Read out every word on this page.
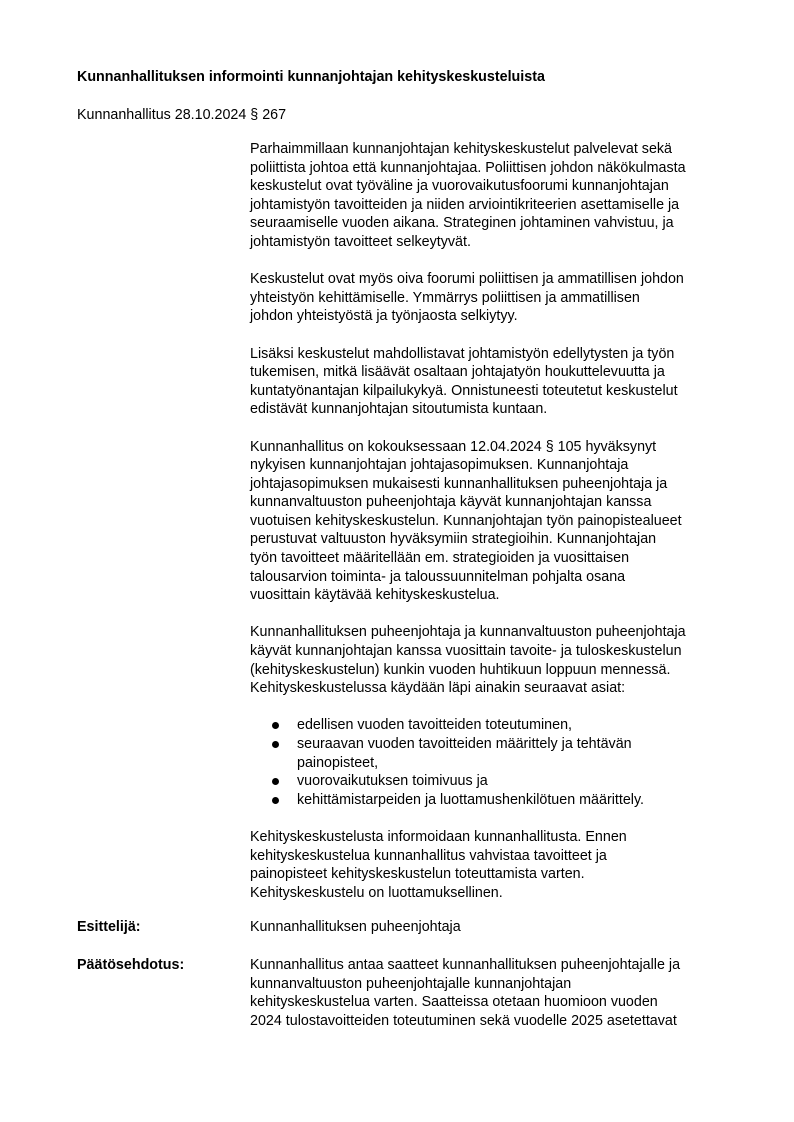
Kunnanhallituksen informointi kunnanjohtajan kehityskeskusteluista
Kunnanhallitus 28.10.2024 § 267
Parhaimmillaan kunnanjohtajan kehityskeskustelut palvelevat sekä
poliittista johtoa että kunnanjohtajaa. Poliittisen johdon näkökulmasta
keskustelut ovat työväline ja vuorovaikutusfoorumi kunnanjohtajan
johtamistyön tavoitteiden ja niiden arviointikriteerien asettamiselle ja
seuraamiselle vuoden aikana. Strateginen johtaminen vahvistuu, ja
johtamistyön tavoitteet selkeytyvät.
Keskustelut ovat myös oiva foorumi poliittisen ja ammatillisen johdon
yhteistyön kehittämiselle. Ymmärrys poliittisen ja ammatillisen
johdon yhteistyöstä ja työnjaosta selkiytyy.
Lisäksi keskustelut mahdollistavat johtamistyön edellytysten ja työn
tukemisen, mitkä lisäävät osaltaan johtajatyön houkuttelevuutta ja
kuntatyönantajan kilpailukykyä. Onnistuneesti toteutetut keskustelut
edistävät kunnanjohtajan sitoutumista kuntaan.
Kunnanhallitus on kokouksessaan 12.04.2024 § 105 hyväksynyt
nykyisen kunnanjohtajan johtajasopimuksen. Kunnanjohtaja
johtajasopimuksen mukaisesti kunnanhallituksen puheenjohtaja ja
kunnanvaltuuston puheenjohtaja käyvät kunnanjohtajan kanssa
vuotuisen kehityskeskustelun. Kunnanjohtajan työn painopistealueet
perustuvat valtuuston hyväksymiin strategioihin. Kunnanjohtajan
työn tavoitteet määritellään em. strategioiden ja vuosittaisen
talousarvion toiminta- ja taloussuunnitelman pohjalta osana
vuosittain käytävää kehityskeskustelua.
Kunnanhallituksen puheenjohtaja ja kunnanvaltuuston puheenjohtaja
käyvät kunnanjohtajan kanssa vuosittain tavoite- ja tuloskeskustelun
(kehityskeskustelun) kunkin vuoden huhtikuun loppuun mennessä.
Kehityskeskustelussa käydään läpi ainakin seuraavat asiat:
edellisen vuoden tavoitteiden toteutuminen,
seuraavan vuoden tavoitteiden määrittely ja tehtävän
painopisteet,
vuorovaikutuksen toimivuus ja
kehittämistarpeiden ja luottamushenkilötuen määrittely.
Kehityskeskustelusta informoidaan kunnanhallitusta. Ennen
kehityskeskustelua kunnanhallitus vahvistaa tavoitteet ja
painopisteet kehityskeskustelun toteuttamista varten.
Kehityskeskustelu on luottamuksellinen.
Esittelijä:	Kunnanhallituksen puheenjohtaja
Päätösehdotus:	Kunnanhallitus antaa saatteet kunnanhallituksen puheenjohtajalle ja
kunnanvaltuuston puheenjohtajalle kunnanjohtajan
kehityskeskustelua varten. Saatteissa otetaan huomioon vuoden
2024 tulostavoitteiden toteutuminen sekä vuodelle 2025 asetettavat
